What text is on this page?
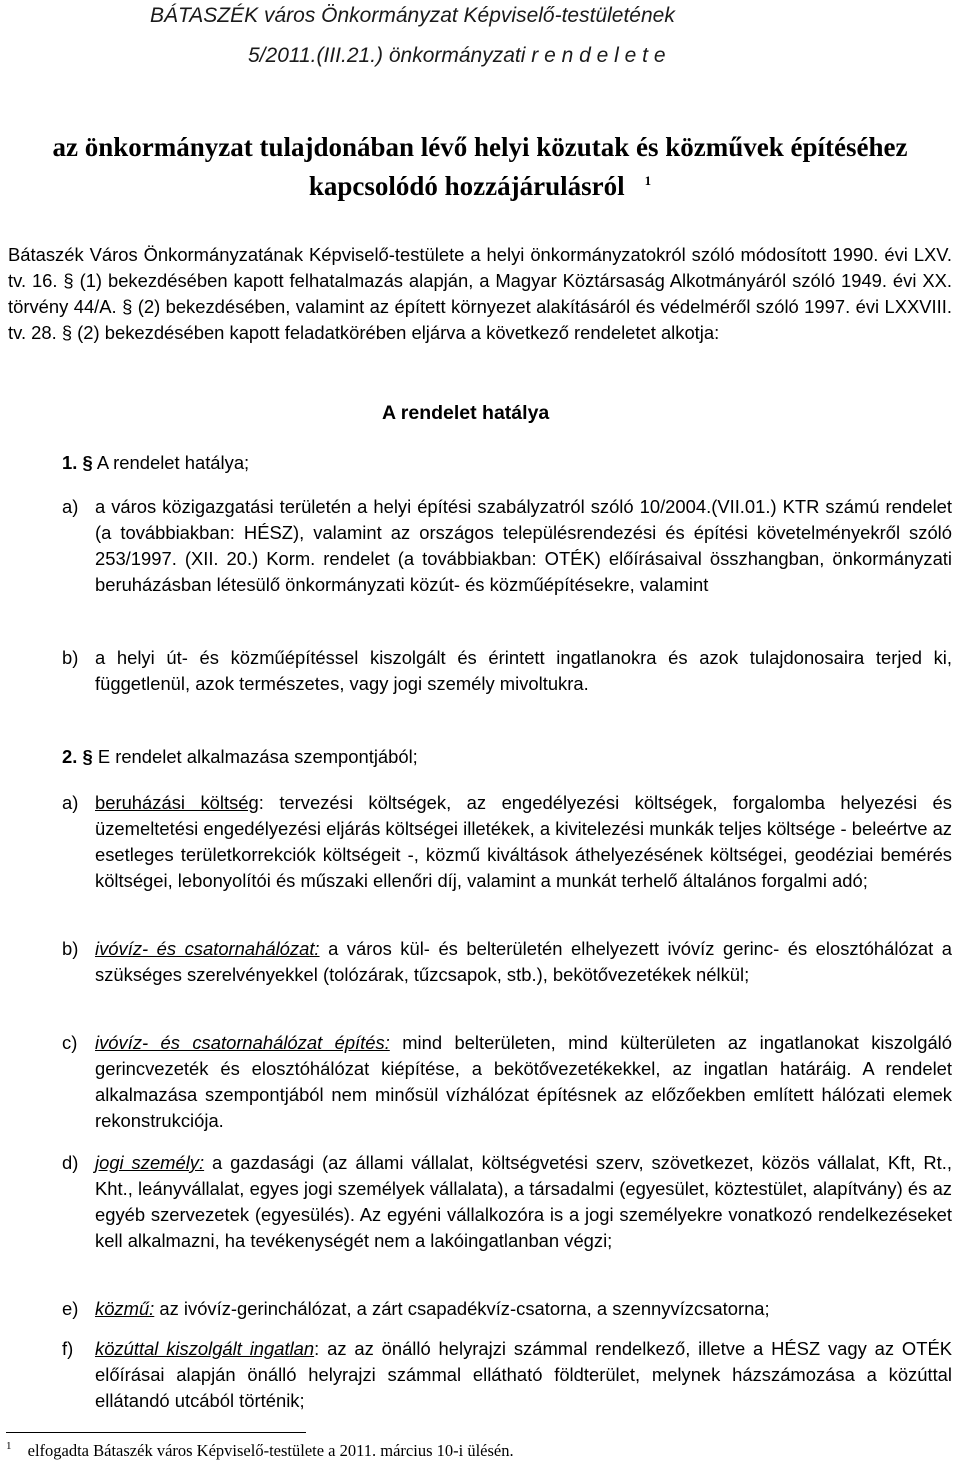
BÁTASZÉK város Önkormányzat Képviselő-testületének
5/2011.(III.21.) önkormányzati r e n d e l e t e
az önkormányzat tulajdonában lévő helyi közutak és közművek építéséhez
kapcsolódó hozzájárulásról $^1$
Bátaszék Város Önkormányzatának Képviselő-testülete a helyi önkormányzatokról szóló módosított 1990. évi LXV. tv. 16. § (1) bekezdésében kapott felhatalmazás alapján, a Magyar Köztársaság Alkotmányáról szóló 1949. évi XX. törvény 44/A. § (2) bekezdésében, valamint az épített környezet alakításáról és védelméről szóló 1997. évi LXXVIII. tv. 28. § (2) bekezdésében kapott feladatkörében eljárva a következő rendeletet alkotja:
A rendelet hatálya
1. § A rendelet hatálya;
a) a város közigazgatási területén a helyi építési szabályzatról szóló 10/2004.(VII.01.) KTR számú rendelet (a továbbiakban: HÉSZ), valamint az országos településrendezési és építési követelményekről szóló 253/1997. (XII. 20.) Korm. rendelet (a továbbiakban: OTÉK) előírásaival összhangban, önkormányzati beruházásban létesülő önkormányzati közút- és közműépítésekre, valamint
b) a helyi út- és közműépítéssel kiszolgált és érintett ingatlanokra és azok tulajdonosaira terjed ki, függetlenül, azok természetes, vagy jogi személy mivoltukra.
2. § E rendelet alkalmazása szempontjából;
a) beruházási költség: tervezési költségek, az engedélyezési költségek, forgalomba helyezési és üzemeltetési engedélyezési eljárás költségei illetékek, a kivitelezési munkák teljes költsége - beleértve az esetleges területkorrekciók költségeit -, közmű kiváltások áthelyezésének költségei, geodéziai bemérés költségei, lebonyolítói és műszaki ellenőri díj, valamint a munkát terhelő általános forgalmi adó;
b) ivóvíz- és csatornahálózat: a város kül- és belterületén elhelyezett ivóvíz gerinc- és elosztóhálózat a szükséges szerelvényekkel (tolózárak, tűzcsapok, stb.), bekötővezetékek nélkül;
c) ivóvíz- és csatornahálózat építés: mind belterületen, mind külterületen az ingatlanokat kiszolgáló gerincvezeték és elosztóhálózat kiépítése, a bekötővezetékekkel, az ingatlan határáig. A rendelet alkalmazása szempontjából nem minősül vízhálózat építésnek az előzőekben említett hálózati elemek rekonstrukciója.
d) jogi személy: a gazdasági (az állami vállalat, költségvetési szerv, szövetkezet, közös vállalat, Kft, Rt., Kht., leányvállalat, egyes jogi személyek vállalata), a társadalmi (egyesület, köztestület, alapítvány) és az egyéb szervezetek (egyesülés). Az egyéni vállalkozóra is a jogi személyekre vonatkozó rendelkezéseket kell alkalmazni, ha tevékenységét nem a lakóingatlanban végzi;
e) közmű: az ivóvíz-gerinchálózat, a zárt csapadékvíz-csatorna, a szennyvízcsatorna;
f)	közúttal kiszolgált ingatlan: az az önálló helyrajzi számmal rendelkező, illetve a HÉSZ vagy az OTÉK előírásai alapján önálló helyrajzi számmal ellátható földterület, melynek házszámozása a közúttal ellátandó utcából történik;
$^1$ elfogadta Bátaszék város Képviselő-testülete a 2011. március 10-i ülésén.
